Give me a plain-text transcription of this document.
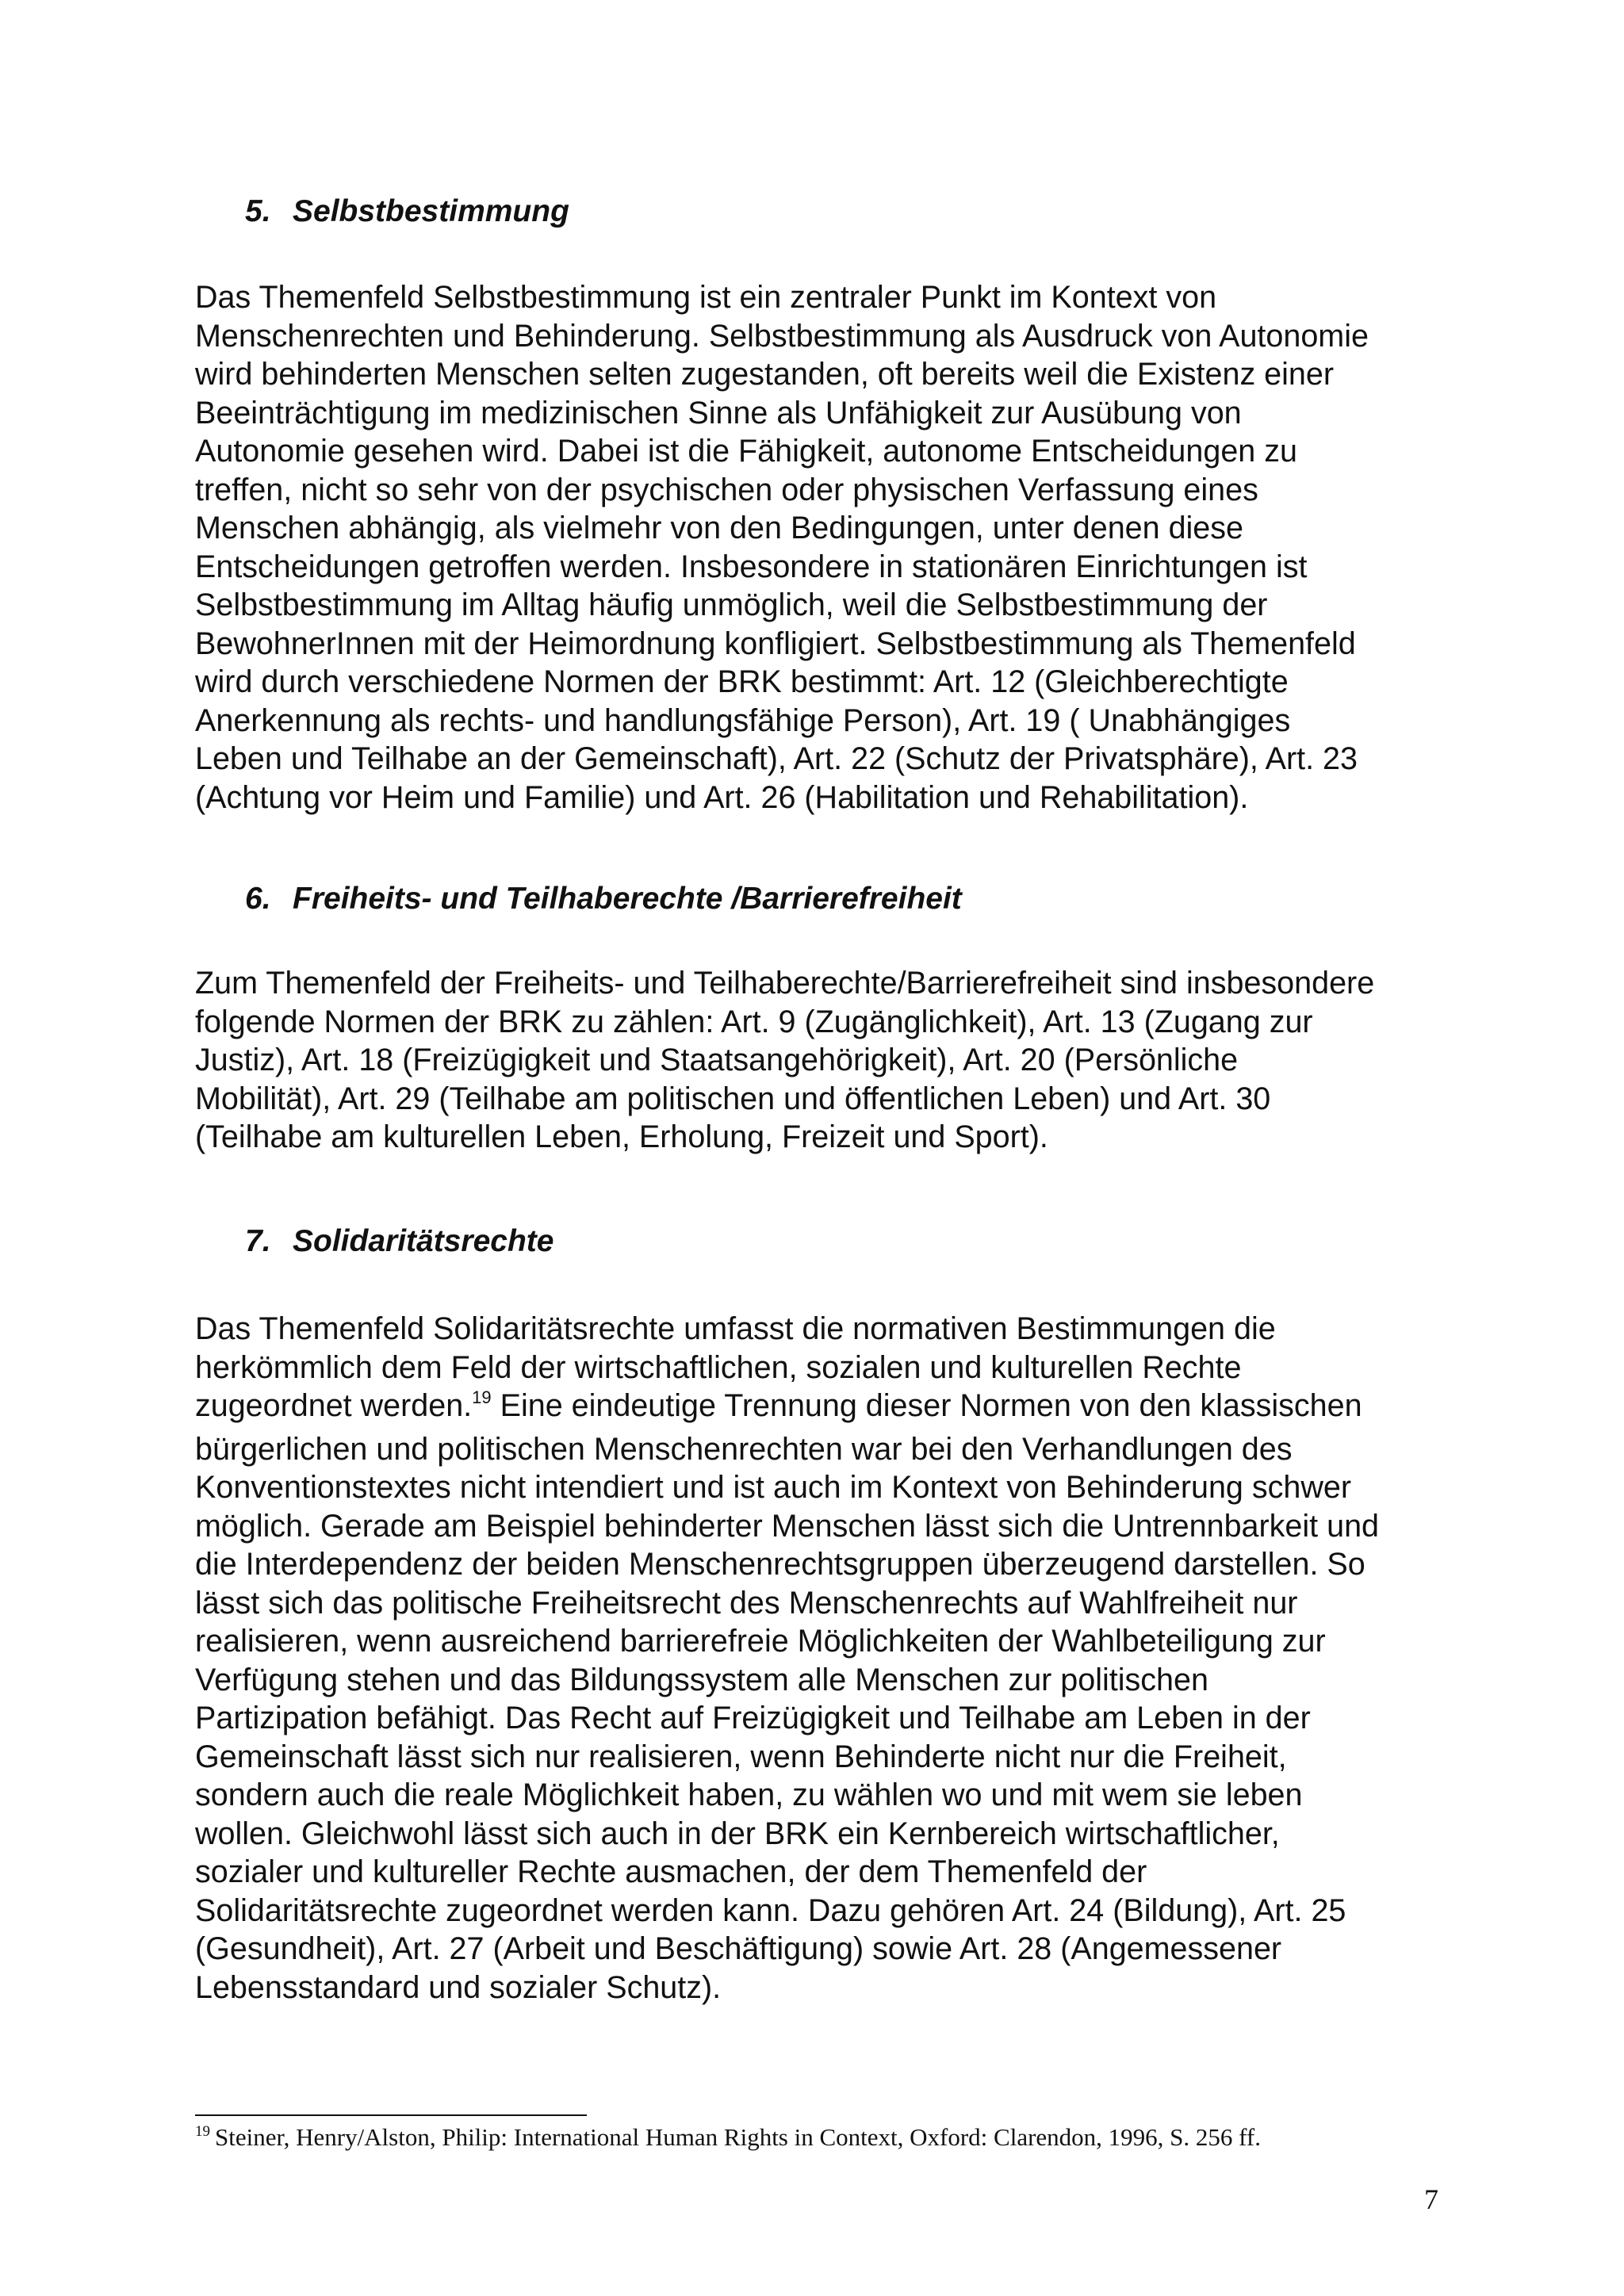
5. Selbstbestimmung
Das Themenfeld Selbstbestimmung ist ein zentraler Punkt im Kontext von
Menschenrechten und Behinderung. Selbstbestimmung als Ausdruck von Autonomie
wird behinderten Menschen selten zugestanden, oft bereits weil die Existenz einer
Beeinträchtigung im medizinischen Sinne als Unfähigkeit zur Ausübung von
Autonomie gesehen wird. Dabei ist die Fähigkeit, autonome Entscheidungen zu
treffen, nicht so sehr von der psychischen oder physischen Verfassung eines
Menschen abhängig, als vielmehr von den Bedingungen, unter denen diese
Entscheidungen getroffen werden. Insbesondere in stationären Einrichtungen ist
Selbstbestimmung im Alltag häufig unmöglich, weil die Selbstbestimmung der
BewohnerInnen mit der Heimordnung konfligiert. Selbstbestimmung als Themenfeld
wird durch verschiedene Normen der BRK bestimmt: Art. 12 (Gleichberechtigte
Anerkennung als rechts- und handlungsfähige Person), Art. 19 ( Unabhängiges
Leben und Teilhabe an der Gemeinschaft), Art. 22 (Schutz der Privatsphäre), Art. 23
(Achtung vor Heim und Familie) und Art. 26 (Habilitation und Rehabilitation).
6. Freiheits- und Teilhaberechte /Barrierefreiheit
Zum Themenfeld der Freiheits- und Teilhaberechte/Barrierefreiheit sind insbesondere
folgende Normen der BRK zu zählen: Art. 9 (Zugänglichkeit), Art. 13 (Zugang zur
Justiz), Art. 18 (Freizügigkeit und Staatsangehörigkeit), Art. 20 (Persönliche
Mobilität), Art. 29 (Teilhabe am politischen und öffentlichen Leben) und Art. 30
(Teilhabe am kulturellen Leben, Erholung, Freizeit und Sport).
7. Solidaritätsrechte
Das Themenfeld Solidaritätsrechte umfasst die normativen Bestimmungen die
herkömmlich dem Feld der wirtschaftlichen, sozialen und kulturellen Rechte
zugeordnet werden.$^{19}$ Eine eindeutige Trennung dieser Normen von den klassischen
bürgerlichen und politischen Menschenrechten war bei den Verhandlungen des
Konventionstextes nicht intendiert und ist auch im Kontext von Behinderung schwer
möglich. Gerade am Beispiel behinderter Menschen lässt sich die Untrennbarkeit und
die Interdependenz der beiden Menschenrechtsgruppen überzeugend darstellen. So
lässt sich das politische Freiheitsrecht des Menschenrechts auf Wahlfreiheit nur
realisieren, wenn ausreichend barrierefreie Möglichkeiten der Wahlbeteiligung zur
Verfügung stehen und das Bildungssystem alle Menschen zur politischen
Partizipation befähigt. Das Recht auf Freizügigkeit und Teilhabe am Leben in der
Gemeinschaft lässt sich nur realisieren, wenn Behinderte nicht nur die Freiheit,
sondern auch die reale Möglichkeit haben, zu wählen wo und mit wem sie leben
wollen. Gleichwohl lässt sich auch in der BRK ein Kernbereich wirtschaftlicher,
sozialer und kultureller Rechte ausmachen, der dem Themenfeld der
Solidaritätsrechte zugeordnet werden kann. Dazu gehören Art. 24 (Bildung), Art. 25
(Gesundheit), Art. 27 (Arbeit und Beschäftigung) sowie Art. 28 (Angemessener
Lebensstandard und sozialer Schutz).

$^{19}$ Steiner, Henry/Alston, Philip: International Human Rights in Context, Oxford: Clarendon, 1996, S. 256 ff.

7
